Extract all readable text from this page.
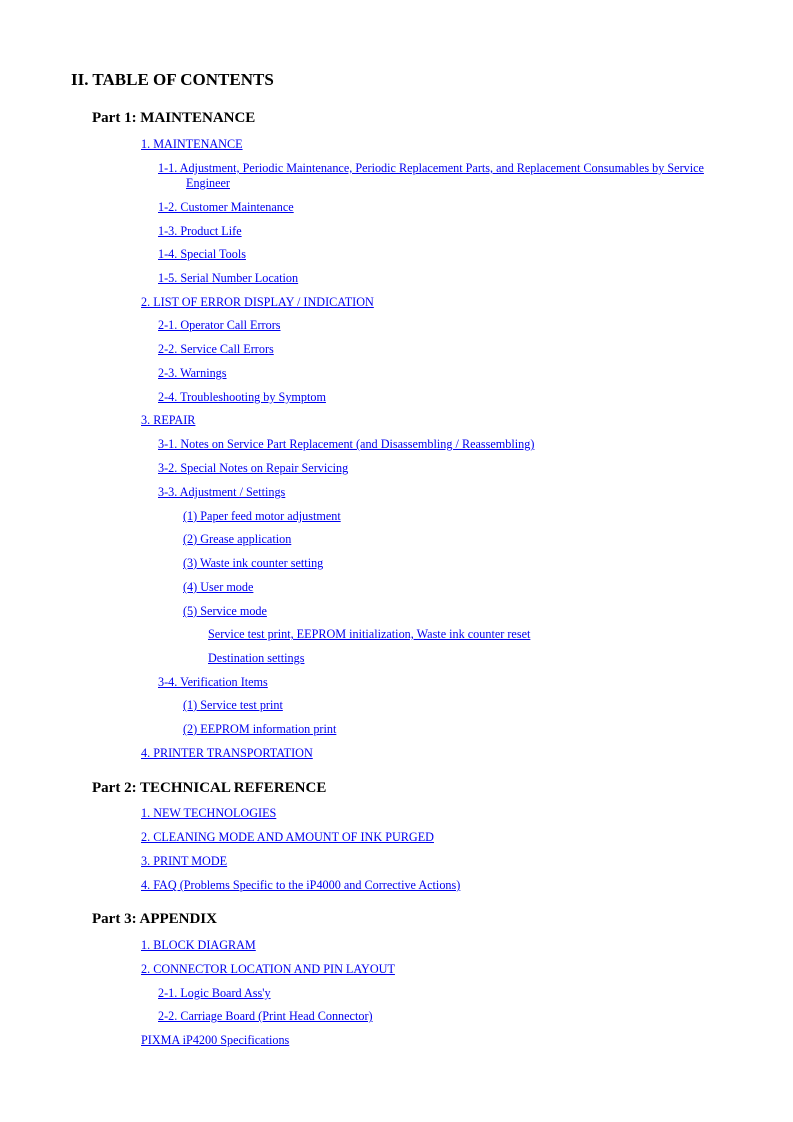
II. TABLE OF CONTENTS
Part 1: MAINTENANCE
1. MAINTENANCE
1-1. Adjustment, Periodic Maintenance, Periodic Replacement Parts, and Replacement Consumables by Service Engineer
1-2. Customer Maintenance
1-3. Product Life
1-4. Special Tools
1-5. Serial Number Location
2. LIST OF ERROR DISPLAY / INDICATION
2-1. Operator Call Errors
2-2. Service Call Errors
2-3. Warnings
2-4. Troubleshooting by Symptom
3. REPAIR
3-1. Notes on Service Part Replacement (and Disassembling / Reassembling)
3-2. Special Notes on Repair Servicing
3-3. Adjustment / Settings
(1) Paper feed motor adjustment
(2) Grease application
(3) Waste ink counter setting
(4) User mode
(5) Service mode
Service test print, EEPROM initialization, Waste ink counter reset
Destination settings
3-4. Verification Items
(1) Service test print
(2) EEPROM information print
4. PRINTER TRANSPORTATION
Part 2: TECHNICAL REFERENCE
1. NEW TECHNOLOGIES
2. CLEANING MODE AND AMOUNT OF INK PURGED
3. PRINT MODE
4. FAQ (Problems Specific to the iP4000 and Corrective Actions)
Part 3: APPENDIX
1. BLOCK DIAGRAM
2. CONNECTOR LOCATION AND PIN LAYOUT
2-1. Logic Board Ass'y
2-2. Carriage Board (Print Head Connector)
PIXMA iP4200 Specifications
